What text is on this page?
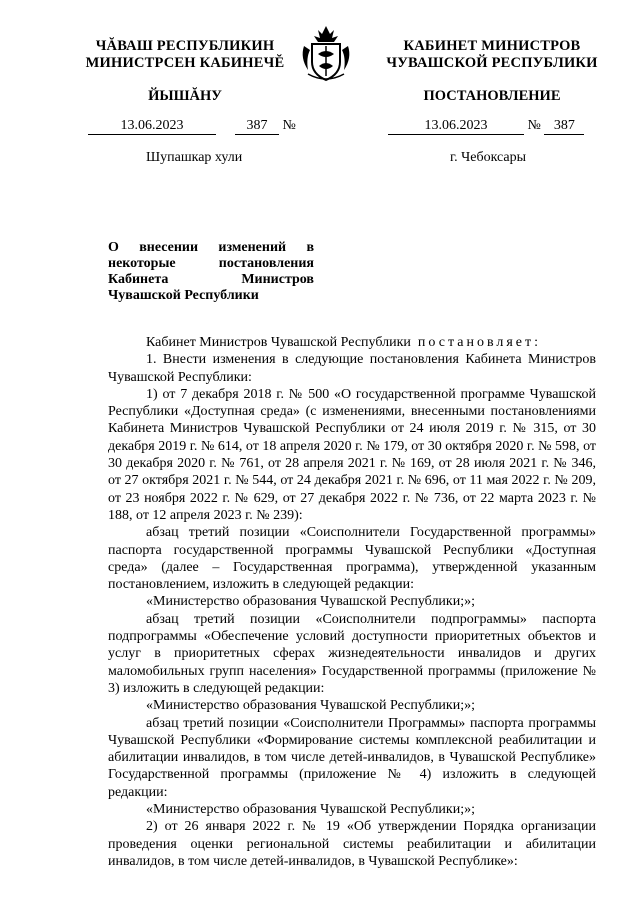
ЧĂВАШ РЕСПУБЛИКИН
МИНИСТРСЕН КАБИНЕЧĔ
КАБИНЕТ МИНИСТРОВ
ЧУВАШСКОЙ РЕСПУБЛИКИ
ЙЫШĂНУ	ПОСТАНОВЛЕНИЕ
13.06.2023	387 №	13.06.2023	№ 387
Шупашкар хули	г. Чебоксары
О внесении изменений в некоторые постановления Кабинета Министров Чувашской Республики

Кабинет Министров Чувашской Республики постановляет:

1. Внести изменения в следующие постановления Кабинета Министров Чувашской Республики:

1) от 7 декабря 2018 г. № 500 «О государственной программе Чувашской Республики «Доступная среда» (с изменениями, внесенными постановлениями Кабинета Министров Чувашской Республики от 24 июля 2019 г. № 315, от 30 декабря 2019 г. № 614, от 18 апреля 2020 г. № 179, от 30 октября 2020 г. № 598, от 30 декабря 2020 г. № 761, от 28 апреля 2021 г. № 169, от 28 июля 2021 г. № 346, от 27 октября 2021 г. № 544, от 24 декабря 2021 г. № 696, от 11 мая 2022 г. № 209, от 23 ноября 2022 г. № 629, от 27 декабря 2022 г. № 736, от 22 марта 2023 г. № 188, от 12 апреля 2023 г. № 239):

абзац третий позиции «Соисполнители Государственной программы» паспорта государственной программы Чувашской Республики «Доступная среда» (далее – Государственная программа), утвержденной указанным постановлением, изложить в следующей редакции:

«Министерство образования Чувашской Республики;»;

абзац третий позиции «Соисполнители подпрограммы» паспорта подпрограммы «Обеспечение условий доступности приоритетных объектов и услуг в приоритетных сферах жизнедеятельности инвалидов и других маломобильных групп населения» Государственной программы (приложение № 3) изложить в следующей редакции:

«Министерство образования Чувашской Республики;»;

абзац третий позиции «Соисполнители Программы» паспорта программы Чувашской Республики «Формирование системы комплексной реабилитации и абилитации инвалидов, в том числе детей-инвалидов, в Чувашской Республике» Государственной программы (приложение № 4) изложить в следующей редакции:

«Министерство образования Чувашской Республики;»;

2) от 26 января 2022 г. № 19 «Об утверждении Порядка организации проведения оценки региональной системы реабилитации и абилитации инвалидов, в том числе детей-инвалидов, в Чувашской Республике»:
